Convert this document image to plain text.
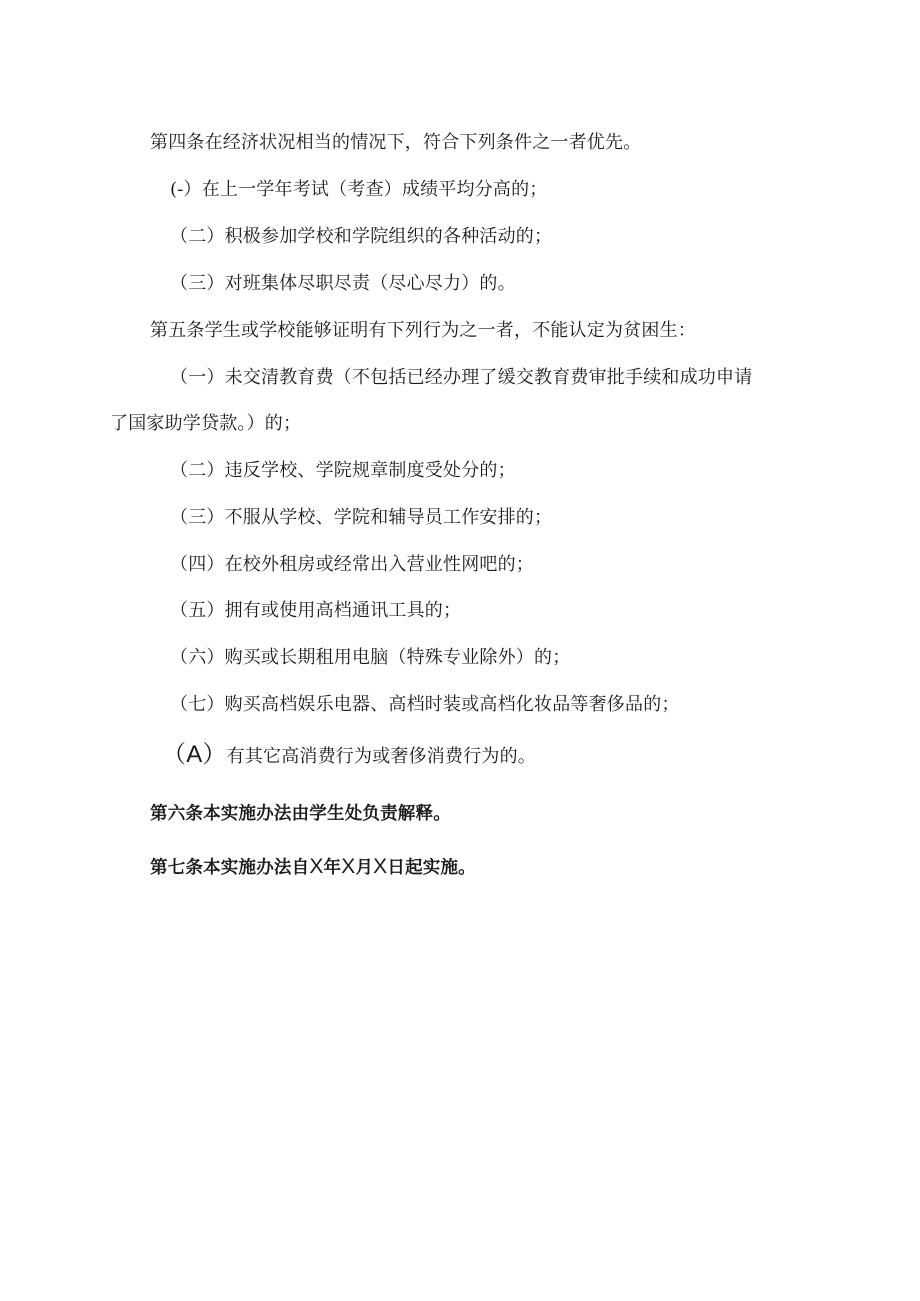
第四条在经济状况相当的情况下，符合下列条件之一者优先。
(-）在上一学年考试（考查）成绩平均分高的；
（二）积极参加学校和学院组织的各种活动的；
（三）对班集体尽职尽责（尽心尽力）的。
第五条学生或学校能够证明有下列行为之一者，不能认定为贫困生：
（一）未交清教育费（不包括已经办理了缓交教育费审批手续和成功申请
了国家助学贷款。）的；
（二）违反学校、学院规章制度受处分的；
（三）不服从学校、学院和辅导员工作安排的；
（四）在校外租房或经常出入营业性网吧的；
（五）拥有或使用高档通讯工具的；
（六）购买或长期租用电脑（特殊专业除外）的；
（七）购买高档娱乐电器、高档时装或高档化妆品等奢侈品的；
（A）有其它高消费行为或奢侈消费行为的。
第六条本实施办法由学生处负责解释。
第七条本实施办法自X年X月X日起实施。
